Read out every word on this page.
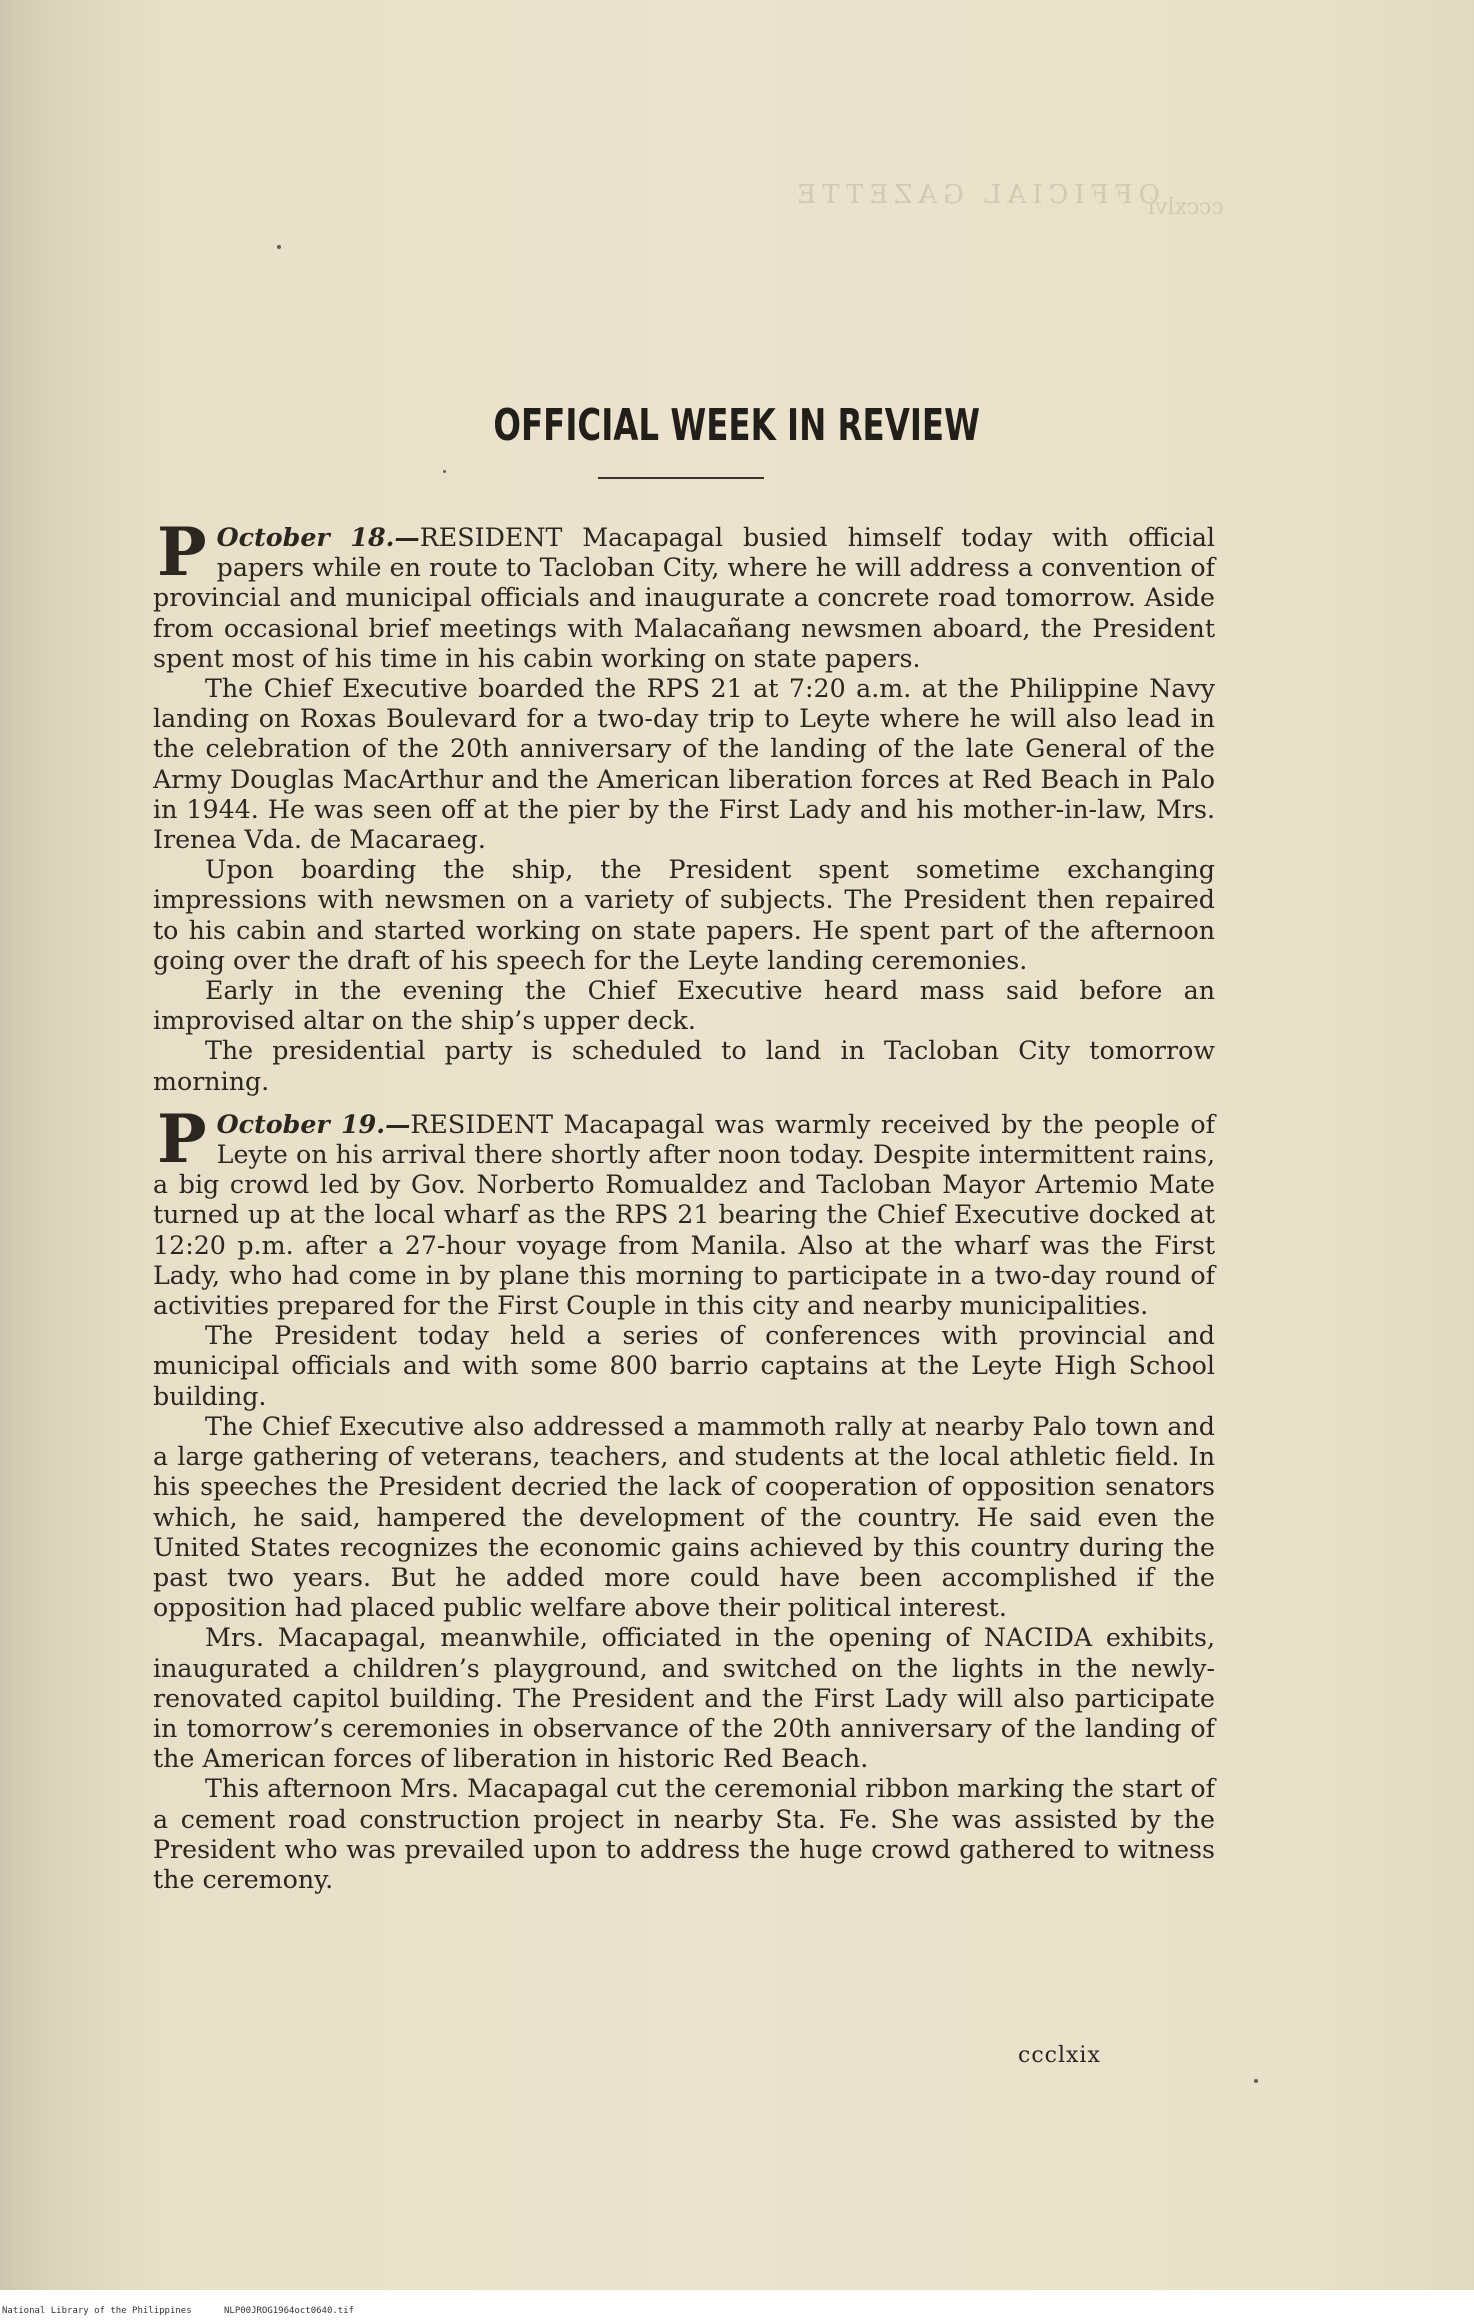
OFFICIAL GAZETTE
cccxlvi
OFFICIAL WEEK IN REVIEW

October 18.—
P	RESIDENT Macapagal busied himself today with official papers while en route to Tacloban City, where he will address a convention of provincial and municipal officials and inaugurate a concrete road tomorrow. Aside from occasional brief meetings with Malacañang newsmen aboard, the President spent most of his time in his cabin working on state papers.

The Chief Executive boarded the RPS 21 at 7:20 a.m. at the Philippine Navy landing on Roxas Boulevard for a two-day trip to Leyte where he will also lead in the celebration of the 20th anniversary of the landing of the late General of the Army Douglas MacArthur and the American liberation forces at Red Beach in Palo in 1944. He was seen off at the pier by the First Lady and his mother-in-law, Mrs. Irenea Vda. de Macaraeg.

Upon boarding the ship, the President spent sometime exchanging impressions with newsmen on a variety of subjects. The President then repaired to his cabin and started working on state papers. He spent part of the afternoon going over the draft of his speech for the Leyte landing ceremonies.

Early in the evening the Chief Executive heard mass said before an improvised altar on the ship’s upper deck.

The presidential party is scheduled to land in Tacloban City tomorrow morning.

October 19.—
P	RESIDENT Macapagal was warmly received by the people of Leyte on his arrival there shortly after noon today. Despite intermittent rains, a big crowd led by Gov. Norberto Romualdez and Tacloban Mayor Artemio Mate turned up at the local wharf as the RPS 21 bearing the Chief Executive docked at 12:20 p.m. after a 27-hour voyage from Manila. Also at the wharf was the First Lady, who had come in by plane this morning to participate in a two-day round of activities prepared for the First Couple in this city and nearby municipalities.

The President today held a series of conferences with provincial and municipal officials and with some 800 barrio captains at the Leyte High School building.

The Chief Executive also addressed a mammoth rally at nearby Palo town and a large gathering of veterans, teachers, and students at the local athletic field. In his speeches the President decried the lack of cooperation of opposition senators which, he said, hampered the development of the country. He said even the United States recognizes the economic gains achieved by this country during the past two years. But he added more could have been accomplished if the opposition had placed public welfare above their political interest.

Mrs. Macapagal, meanwhile, officiated in the opening of NACIDA exhibits, inaugurated a children’s playground, and switched on the lights in the newly-renovated capitol building. The President and the First Lady will also participate in tomorrow’s ceremonies in observance of the 20th anniversary of the landing of the American forces of liberation in historic Red Beach.

This afternoon Mrs. Macapagal cut the ceremonial ribbon marking the start of a cement road construction project in nearby Sta. Fe. She was assisted by the President who was prevailed upon to address the huge crowd gathered to witness the ceremony.

ccclxix
National Library of the Philippines	NLP00JROG1964oct0640.tif
